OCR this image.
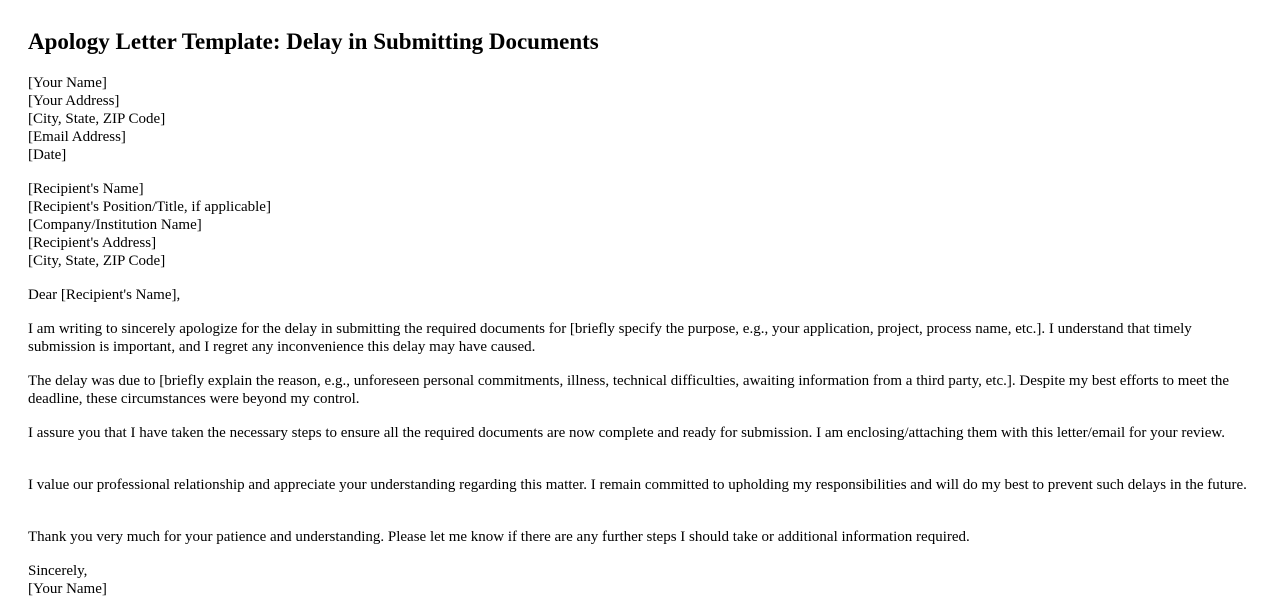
Apology Letter Template: Delay in Submitting Documents
[Your Name]
[Your Address]
[City, State, ZIP Code]
[Email Address]
[Date]
[Recipient's Name]
[Recipient's Position/Title, if applicable]
[Company/Institution Name]
[Recipient's Address]
[City, State, ZIP Code]

Dear [Recipient's Name],

I am writing to sincerely apologize for the delay in submitting the required documents for [briefly specify the purpose, e.g., your application, project, process name, etc.]. I understand that timely submission is important, and I regret any inconvenience this delay may have caused.

The delay was due to [briefly explain the reason, e.g., unforeseen personal commitments, illness, technical difficulties, awaiting information from a third party, etc.]. Despite my best efforts to meet the deadline, these circumstances were beyond my control.

I assure you that I have taken the necessary steps to ensure all the required documents are now complete and ready for submission. I am enclosing/attaching them with this letter/email for your review.

I value our professional relationship and appreciate your understanding regarding this matter. I remain committed to upholding my responsibilities and will do my best to prevent such delays in the future.

Thank you very much for your patience and understanding. Please let me know if there are any further steps I should take or additional information required.

Sincerely,
[Your Name]
